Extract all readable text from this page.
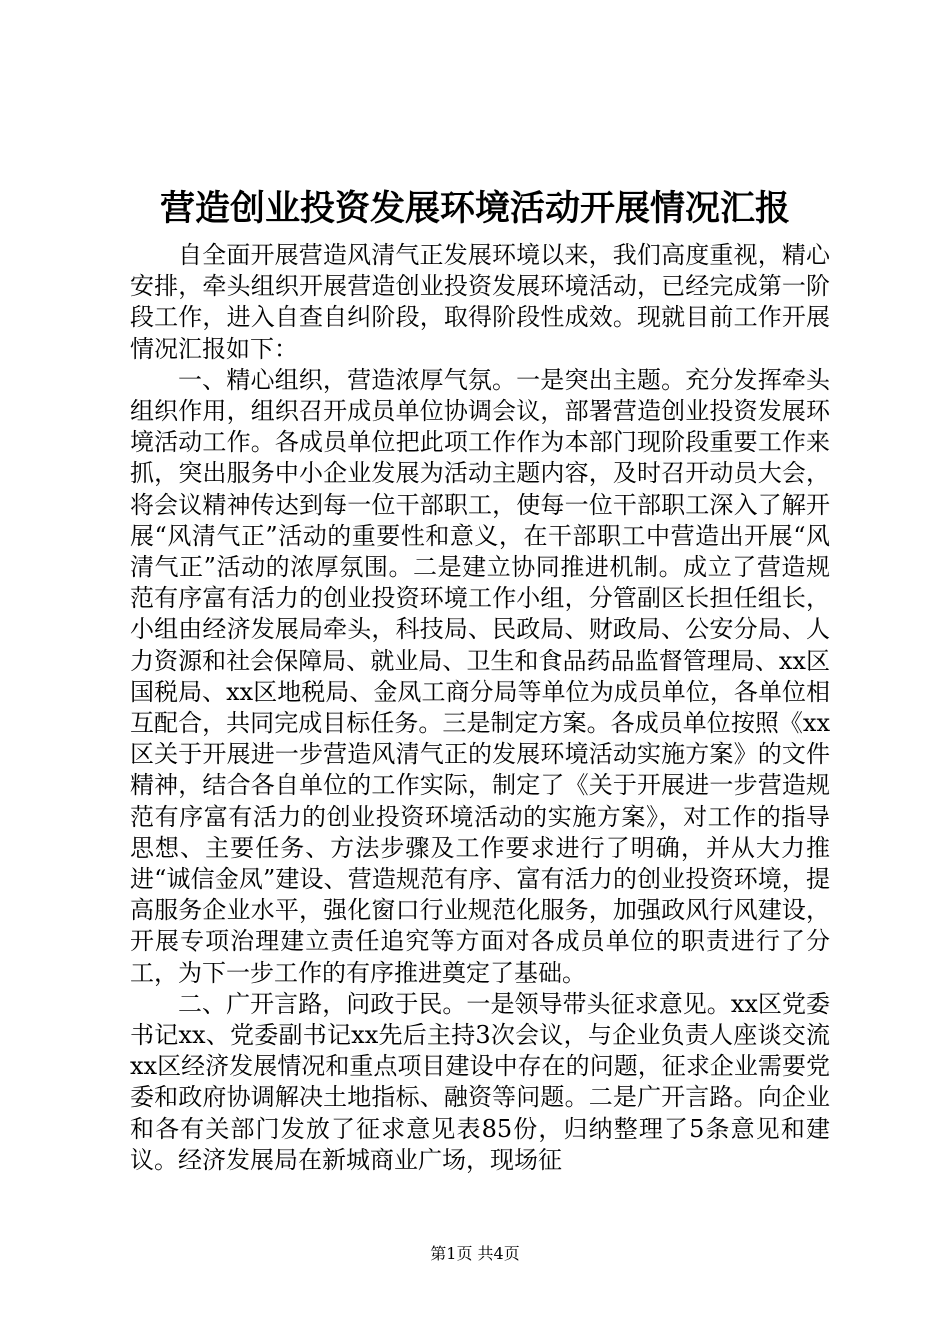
营造创业投资发展环境活动开展情况汇报

自全面开展营造风清气正发展环境以来，我们高度重视，精心安排，牵头组织开展营造创业投资发展环境活动，已经完成第一阶段工作，进入自查自纠阶段，取得阶段性成效。现就目前工作开展情况汇报如下：

一、精心组织，营造浓厚气氛。一是突出主题。充分发挥牵头组织作用，组织召开成员单位协调会议，部署营造创业投资发展环境活动工作。各成员单位把此项工作作为本部门现阶段重要工作来抓，突出服务中小企业发展为活动主题内容，及时召开动员大会，将会议精神传达到每一位干部职工，使每一位干部职工深入了解开展“风清气正”活动的重要性和意义，在干部职工中营造出开展“风清气正”活动的浓厚氛围。二是建立协同推进机制。成立了营造规范有序富有活力的创业投资环境工作小组，分管副区长担任组长，小组由经济发展局牵头，科技局、民政局、财政局、公安分局、人力资源和社会保障局、就业局、卫生和食品药品监督管理局、xx区国税局、xx区地税局、金凤工商分局等单位为成员单位，各单位相互配合，共同完成目标任务。三是制定方案。各成员单位按照《xx区关于开展进一步营造风清气正的发展环境活动实施方案》的文件精神，结合各自单位的工作实际，制定了《关于开展进一步营造规范有序富有活力的创业投资环境活动的实施方案》，对工作的指导思想、主要任务、方法步骤及工作要求进行了明确，并从大力推进“诚信金凤”建设、营造规范有序、富有活力的创业投资环境，提高服务企业水平，强化窗口行业规范化服务，加强政风行风建设，开展专项治理建立责任追究等方面对各成员单位的职责进行了分工，为下一步工作的有序推进奠定了基础。

二、广开言路，问政于民。一是领导带头征求意见。xx区党委书记xx、党委副书记xx先后主持3次会议，与企业负责人座谈交流xx区经济发展情况和重点项目建设中存在的问题，征求企业需要党委和政府协调解决土地指标、融资等问题。二是广开言路。向企业和各有关部门发放了征求意见表85份，归纳整理了5条意见和建议。经济发展局在新城商业广场，现场征

第1页 共4页
